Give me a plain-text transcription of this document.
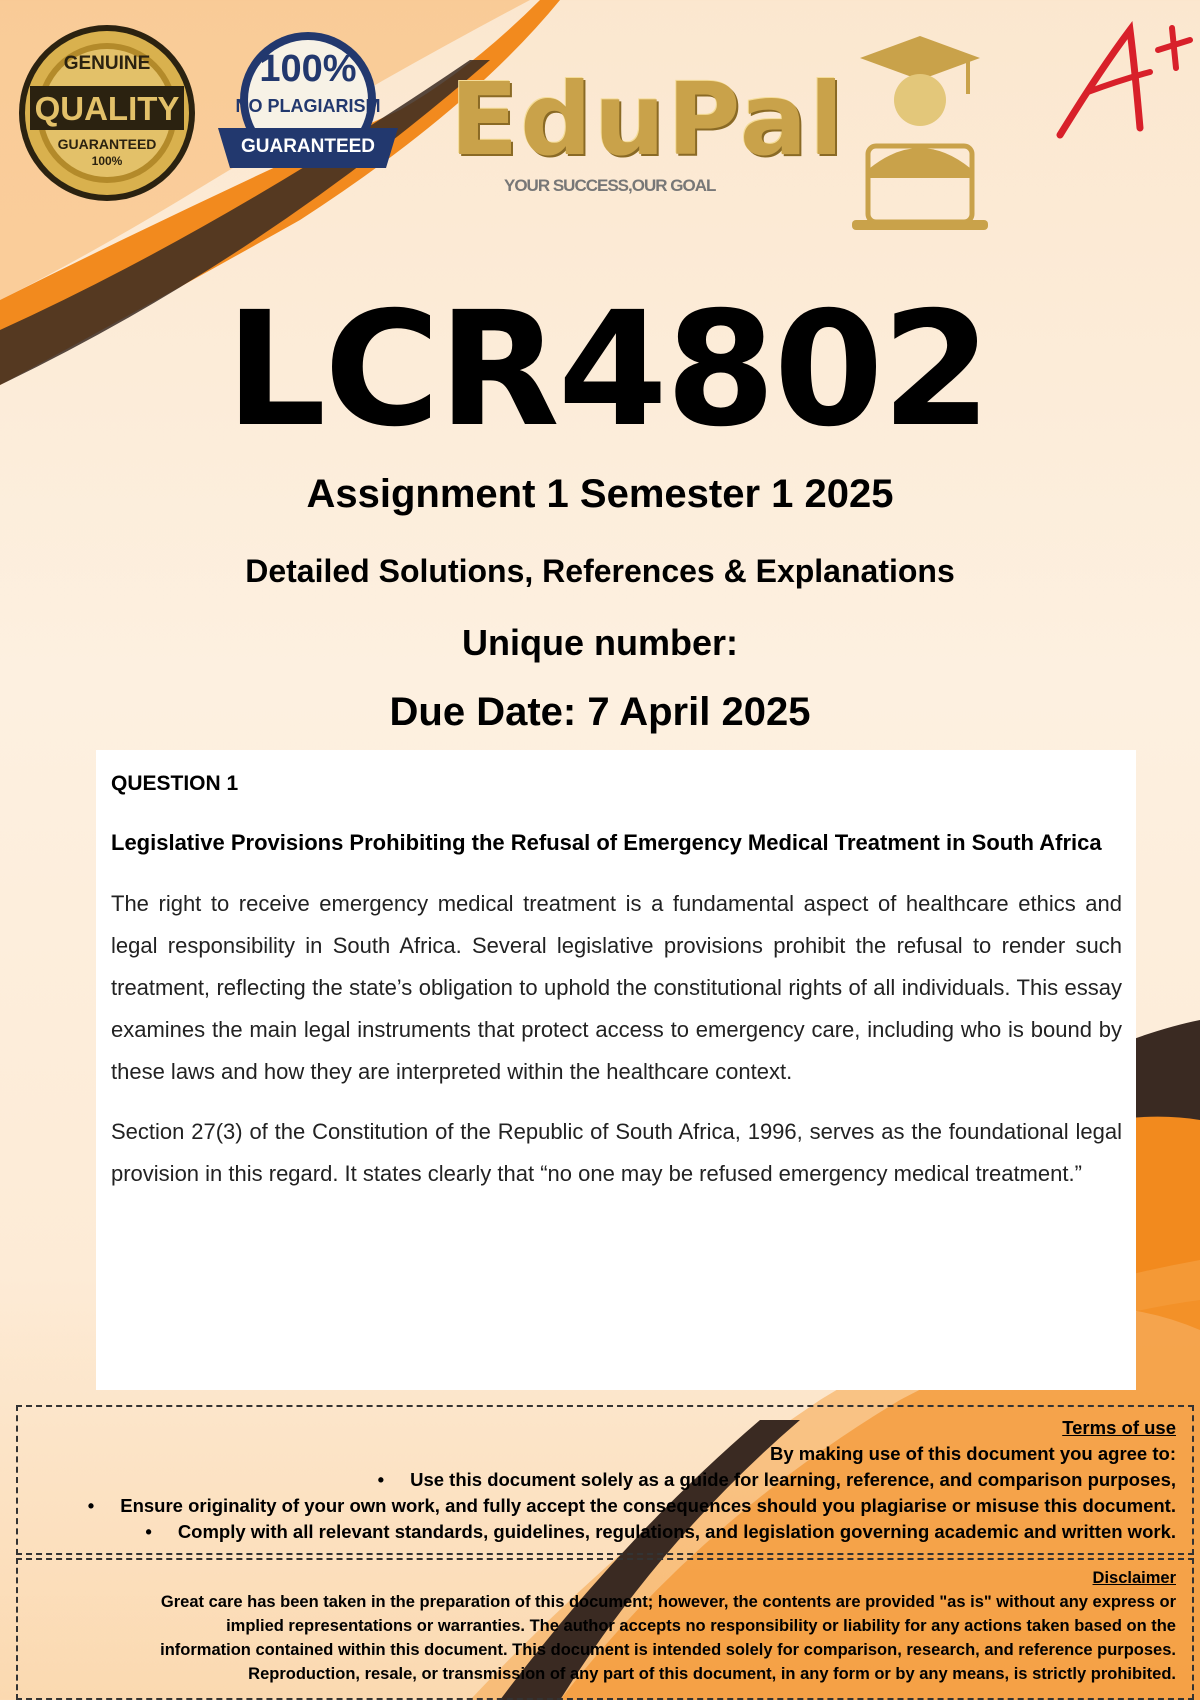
GENUINE
QUALITY
GUARANTEED
100%
100%
NO PLAGIARISM
GUARANTEED EduPal
YOUR SUCCESS,OUR GOAL
LCR4802
Assignment 1 Semester 1 2025
Detailed Solutions, References & Explanations
Unique number:
Due Date: 7 April 2025
QUESTION 1
Legislative Provisions Prohibiting the Refusal of Emergency Medical Treatment in South Africa
The right to receive emergency medical treatment is a fundamental aspect of healthcare ethics and legal responsibility in South Africa. Several legislative provisions prohibit the refusal to render such treatment, reflecting the state’s obligation to uphold the constitutional rights of all individuals. This essay examines the main legal instruments that protect access to emergency care, including who is bound by these laws and how they are interpreted within the healthcare context.
Section 27(3) of the Constitution of the Republic of South Africa, 1996, serves as the foundational legal provision in this regard. It states clearly that “no one may be refused emergency medical treatment.”
Terms of use
By making use of this document you agree to:
• Use this document solely as a guide for learning, reference, and comparison purposes,
• Ensure originality of your own work, and fully accept the consequences should you plagiarise or misuse this document.
• Comply with all relevant standards, guidelines, regulations, and legislation governing academic and written work.
Disclaimer
Great care has been taken in the preparation of this document; however, the contents are provided "as is" without any express or
implied representations or warranties. The author accepts no responsibility or liability for any actions taken based on the
information contained within this document. This document is intended solely for comparison, research, and reference purposes.
Reproduction, resale, or transmission of any part of this document, in any form or by any means, is strictly prohibited.
